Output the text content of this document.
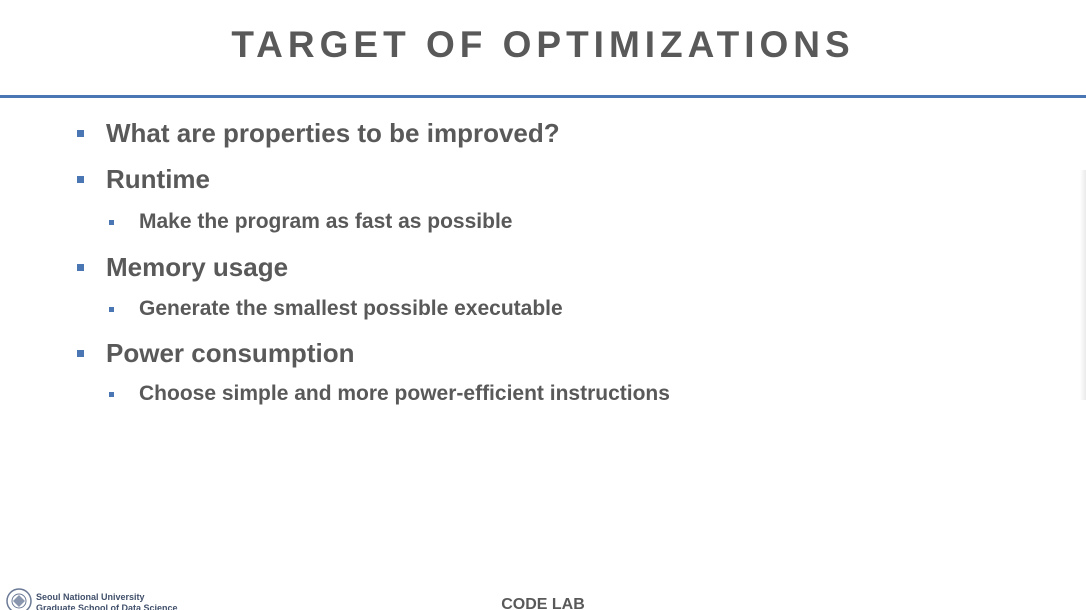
TARGET OF OPTIMIZATIONS
What are properties to be improved?
Runtime
Make the program as fast as possible
Memory usage
Generate the smallest possible executable
Power consumption
Choose simple and more power-efficient instructions
Seoul National University
Graduate School of Data Science	CODE LAB
